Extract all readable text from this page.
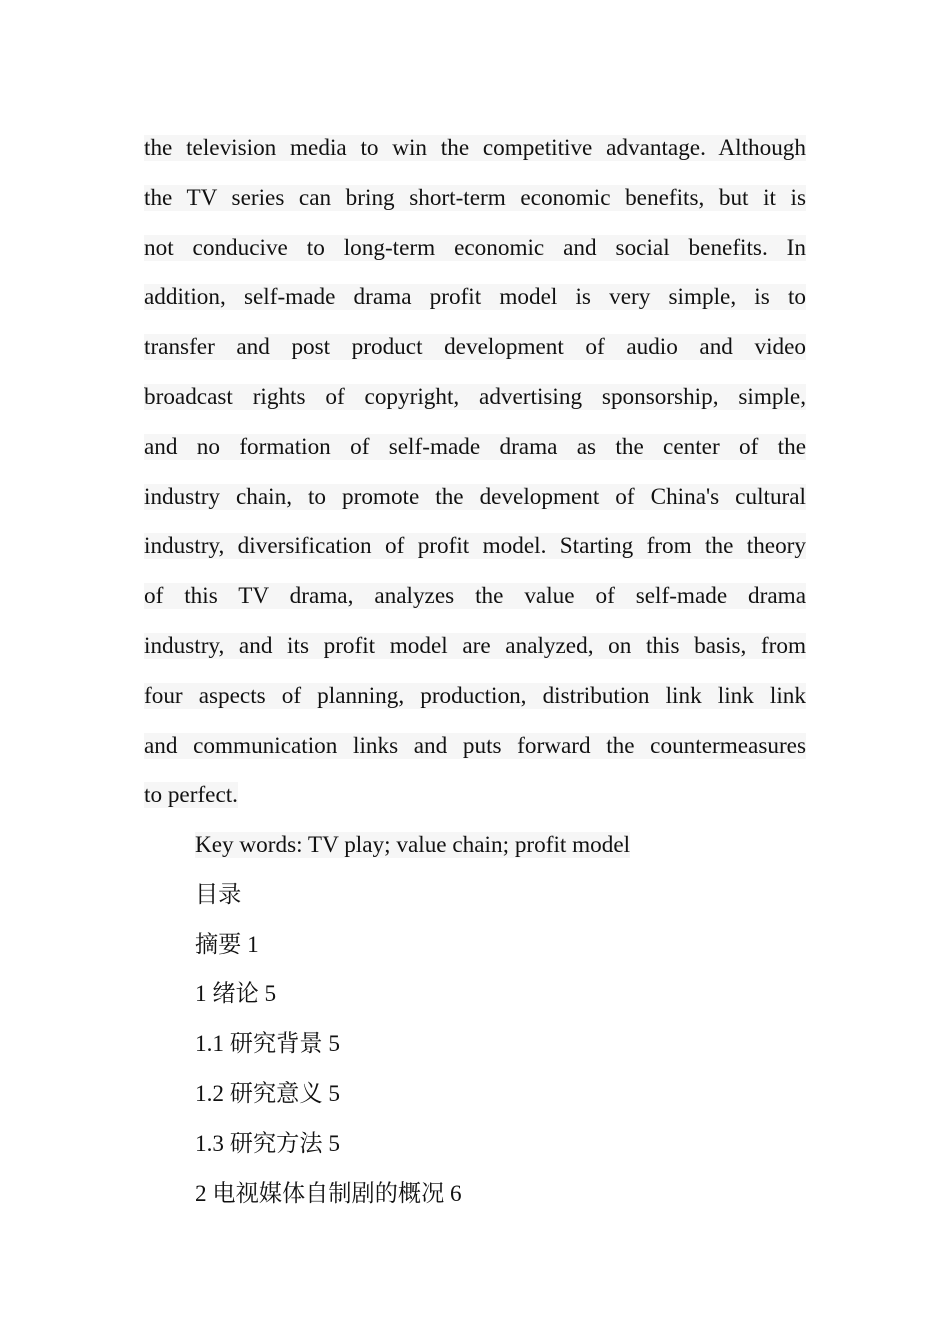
the television media to win the competitive advantage. Although
the TV series can bring short-term economic benefits, but it is
not conducive to long-term economic and social benefits. In
addition, self-made drama profit model is very simple, is to
transfer and post product development of audio and video
broadcast rights of copyright, advertising sponsorship, simple,
and no formation of self-made drama as the center of the
industry chain, to promote the development of China's cultural
industry, diversification of profit model. Starting from the theory
of this TV drama, analyzes the value of self-made drama
industry, and its profit model are analyzed, on this basis, from
four aspects of planning, production, distribution link link link
and communication links and puts forward the countermeasures
to perfect.
Key words: TV play; value chain; profit model
目录
摘要 1
1 绪论 5
1.1 研究背景 5
1.2 研究意义 5
1.3 研究方法 5
2 电视媒体自制剧的概况 6
